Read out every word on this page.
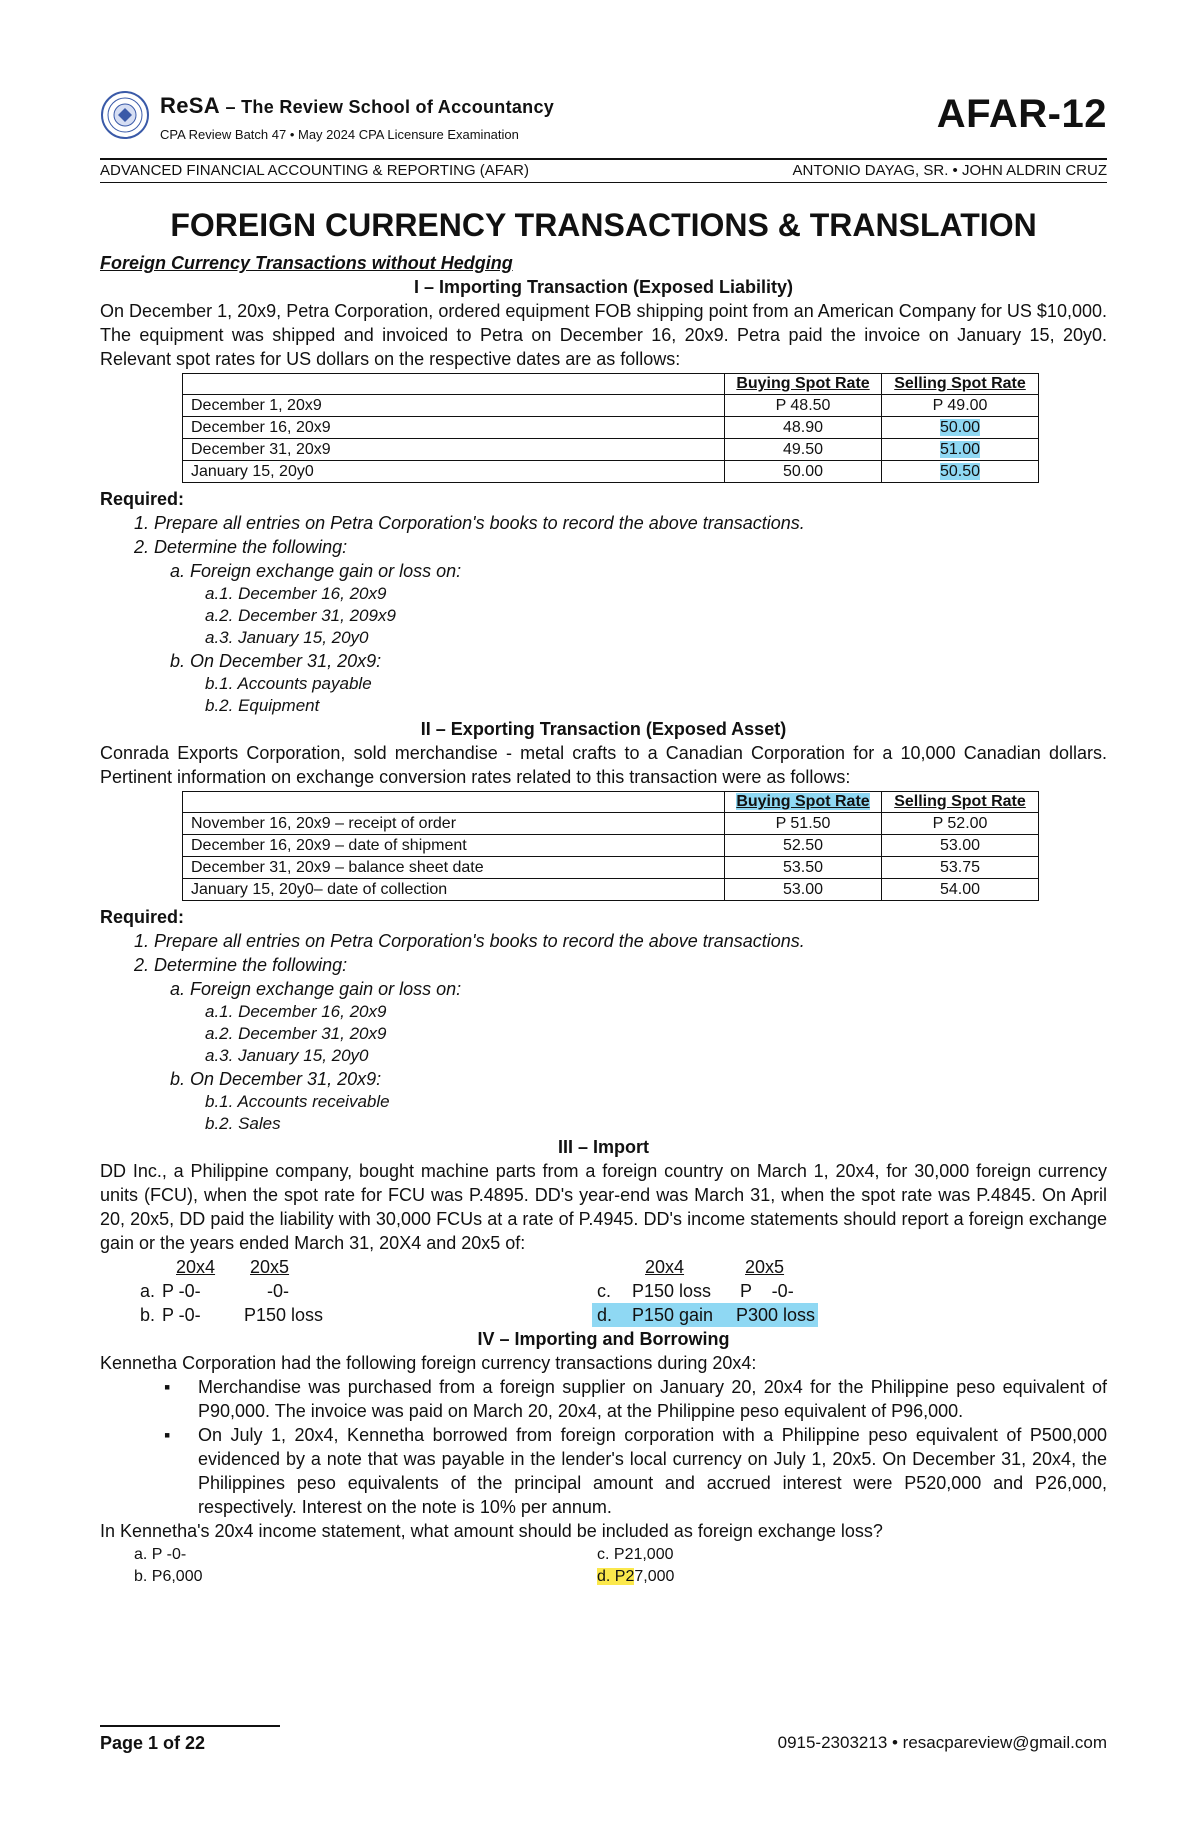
ReSA – The Review School of Accountancy
CPA Review Batch 47 • May 2024 CPA Licensure Examination	AFAR-12
ADVANCED FINANCIAL ACCOUNTING & REPORTING (AFAR)	ANTONIO DAYAG, SR. • JOHN ALDRIN CRUZ
FOREIGN CURRENCY TRANSACTIONS & TRANSLATION
Foreign Currency Transactions without Hedging
I – Importing Transaction (Exposed Liability)

On December 1, 20x9, Petra Corporation, ordered equipment FOB shipping point from an American Company for US $10,000. The equipment was shipped and invoiced to Petra on December 16, 20x9. Petra paid the invoice on January 15, 20y0. Relevant spot rates for US dollars on the respective dates are as follows:

	Buying Spot Rate	Selling Spot Rate
December 1, 20x9	P 48.50	P 49.00
December 16, 20x9	48.90	50.00
December 31, 20x9	49.50	51.00
January 15, 20y0	50.00	50.50
Required:
1. Prepare all entries on Petra Corporation's books to record the above transactions.
2. Determine the following:
a. Foreign exchange gain or loss on:
a.1. December 16, 20x9
a.2. December 31, 209x9
a.3. January 15, 20y0
b. On December 31, 20x9:
b.1. Accounts payable
b.2. Equipment
II – Exporting Transaction (Exposed Asset)

Conrada Exports Corporation, sold merchandise - metal crafts to a Canadian Corporation for a 10,000 Canadian dollars. Pertinent information on exchange conversion rates related to this transaction were as follows:

	Buying Spot Rate	Selling Spot Rate
November 16, 20x9 – receipt of order	P 51.50	P 52.00
December 16, 20x9 – date of shipment	52.50	53.00
December 31, 20x9 – balance sheet date	53.50	53.75
January 15, 20y0– date of collection	53.00	54.00
Required:
1. Prepare all entries on Petra Corporation's books to record the above transactions.
2. Determine the following:
a. Foreign exchange gain or loss on:
a.1. December 16, 20x9
a.2. December 31, 20x9
a.3. January 15, 20y0
b. On December 31, 20x9:
b.1. Accounts receivable
b.2. Sales
III – Import

DD Inc., a Philippine company, bought machine parts from a foreign country on March 1, 20x4, for 30,000 foreign currency units (FCU), when the spot rate for FCU was P.4895. DD's year-end was March 31, when the spot rate was P.4845. On April 20, 20x5, DD paid the liability with 30,000 FCUs at a rate of P.4945. DD's income statements should report a foreign exchange gain or the years ended March 31, 20X4 and 20x5 of:

20x4 20x5	20x4	20x5
a. P -0-	-0-
b. P -0- P150 loss
c. P150 loss P    -0-
d. P150 gain P300 loss
IV – Importing and Borrowing
Kennetha Corporation had the following foreign currency transactions during 20x4:
▪ Merchandise was purchased from a foreign supplier on January 20, 20x4 for the Philippine peso equivalent of P90,000. The invoice was paid on March 20, 20x4, at the Philippine peso equivalent of P96,000.
▪ On July 1, 20x4, Kennetha borrowed from foreign corporation with a Philippine peso equivalent of P500,000 evidenced by a note that was payable in the lender's local currency on July 1, 20x5. On December 31, 20x4, the Philippines peso equivalents of the principal amount and accrued interest were P520,000 and P26,000, respectively. Interest on the note is 10% per annum.
In Kennetha's 20x4 income statement, what amount should be included as foreign exchange loss?
a. P -0-
b. P6,000
c. P21,000
d. P27,000
Page 1 of 22	0915-2303213 • resacpareview@gmail.com
